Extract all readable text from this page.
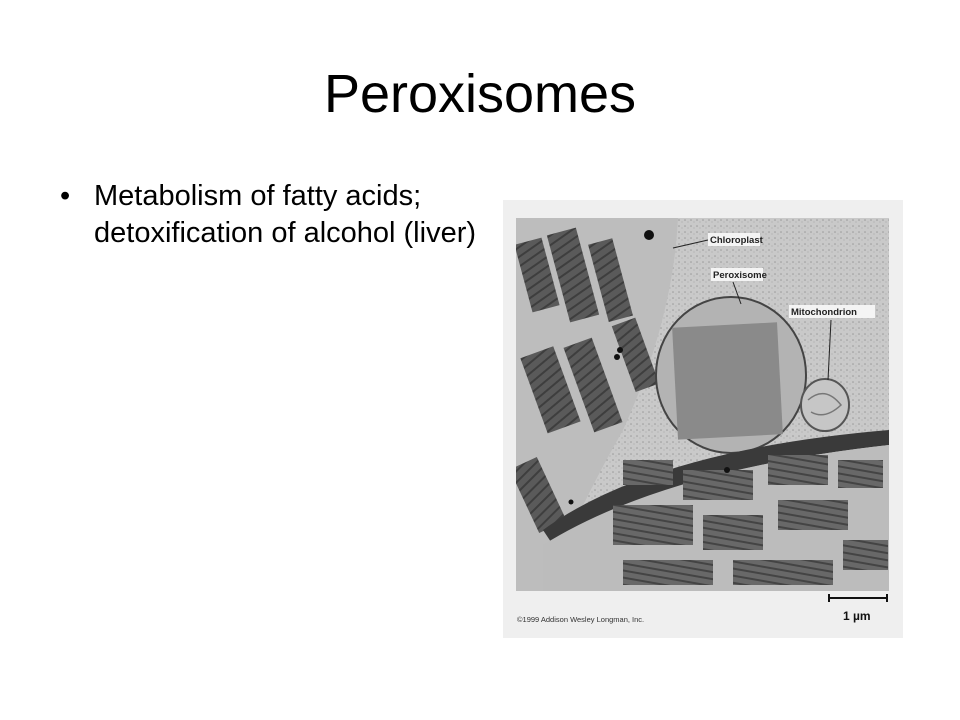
Peroxisomes
• Metabolism of fatty acids; detoxification of alcohol (liver)	Chloroplast
Peroxisome
Mitochondrion
1 µm
©1999 Addison Wesley Longman, Inc.
